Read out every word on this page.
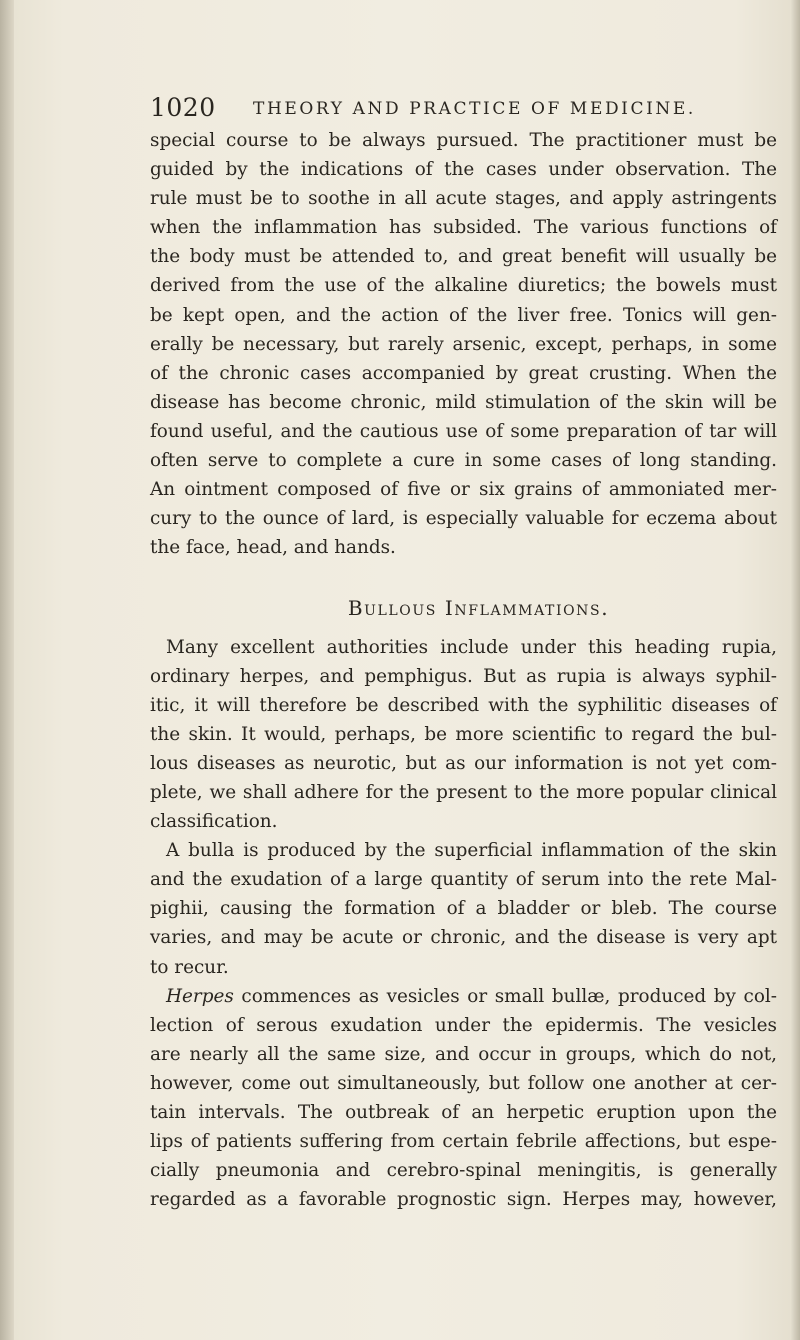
1020 THEORY AND PRACTICE OF MEDICINE.

special course to be always pursued. The practitioner must be

guided by the indications of the cases under observation. The

rule must be to soothe in all acute stages, and apply astringents

when the inflammation has subsided. The various functions of

the body must be attended to, and great benefit will usually be

derived from the use of the alkaline diuretics; the bowels must

be kept open, and the action of the liver free. Tonics will gen-

erally be necessary, but rarely arsenic, except, perhaps, in some

of the chronic cases accompanied by great crusting. When the

disease has become chronic, mild stimulation of the skin will be

found useful, and the cautious use of some preparation of tar will

often serve to complete a cure in some cases of long standing.

An ointment composed of five or six grains of ammoniated mer-

cury to the ounce of lard, is especially valuable for eczema about

the face, head, and hands.

Bullous Inflammations.

Many excellent authorities include under this heading rupia,

ordinary herpes, and pemphigus. But as rupia is always syphil-

itic, it will therefore be described with the syphilitic diseases of

the skin. It would, perhaps, be more scientific to regard the bul-

lous diseases as neurotic, but as our information is not yet com-

plete, we shall adhere for the present to the more popular clinical

classification.

A bulla is produced by the superficial inflammation of the skin

and the exudation of a large quantity of serum into the rete Mal-

pighii, causing the formation of a bladder or bleb. The course

varies, and may be acute or chronic, and the disease is very apt

to recur.

Herpes commences as vesicles or small bullæ, produced by col-

lection of serous exudation under the epidermis. The vesicles

are nearly all the same size, and occur in groups, which do not,

however, come out simultaneously, but follow one another at cer-

tain intervals. The outbreak of an herpetic eruption upon the

lips of patients suffering from certain febrile affections, but espe-

cially pneumonia and cerebro-spinal meningitis, is generally

regarded as a favorable prognostic sign. Herpes may, however,
